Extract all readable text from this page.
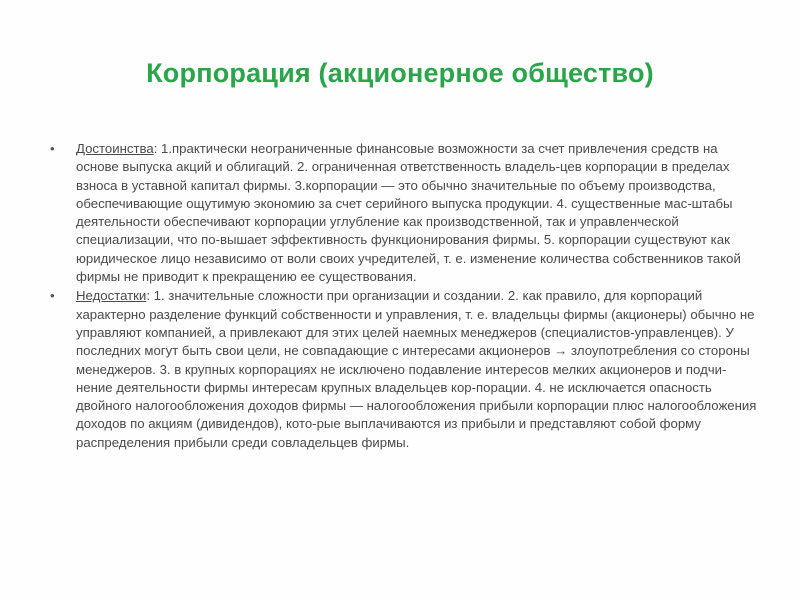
Корпорация (акционерное общество)
• Достоинства: 1.практически неограниченные финансовые возможности за счет привлечения средств на основе выпуска акций и облигаций. 2. ограниченная ответственность владель-цев корпорации в пределах взноса в уставной капитал фирмы. 3.корпорации — это обычно значительные по объему производства, обеспечивающие ощутимую экономию за счет серийного выпуска продукции. 4. существенные мас-штабы деятельности обеспечивают корпорации углубление как производственной, так и управленческой специализации, что по-вышает эффективность функционирования фирмы. 5. корпорации существуют как юридическое лицо независимо от воли своих учредителей, т. е. изменение количества собственников такой фирмы не приводит к прекращению ее существования.
• Недостатки: 1. значительные сложности при организации и создании. 2. как правило, для корпораций характерно разделение функций собственности и управления, т. е. владельцы фирмы (акционеры) обычно не управляют компанией, а привлекают для этих целей наемных менеджеров (специалистов-управленцев). У последних могут быть свои цели, не совпадающие с интересами акционеров → злоупотребления со стороны менеджеров. 3. в крупных корпорациях не исключено подавление интересов мелких акционеров и подчи-нение деятельности фирмы интересам крупных владельцев кор-порации. 4. не исключается опасность двойного налогообложения доходов фирмы — налогообложения прибыли корпорации плюс налогообложения доходов по акциям (дивидендов), кото-рые выплачиваются из прибыли и представляют собой форму распределения прибыли среди совладельцев фирмы.
